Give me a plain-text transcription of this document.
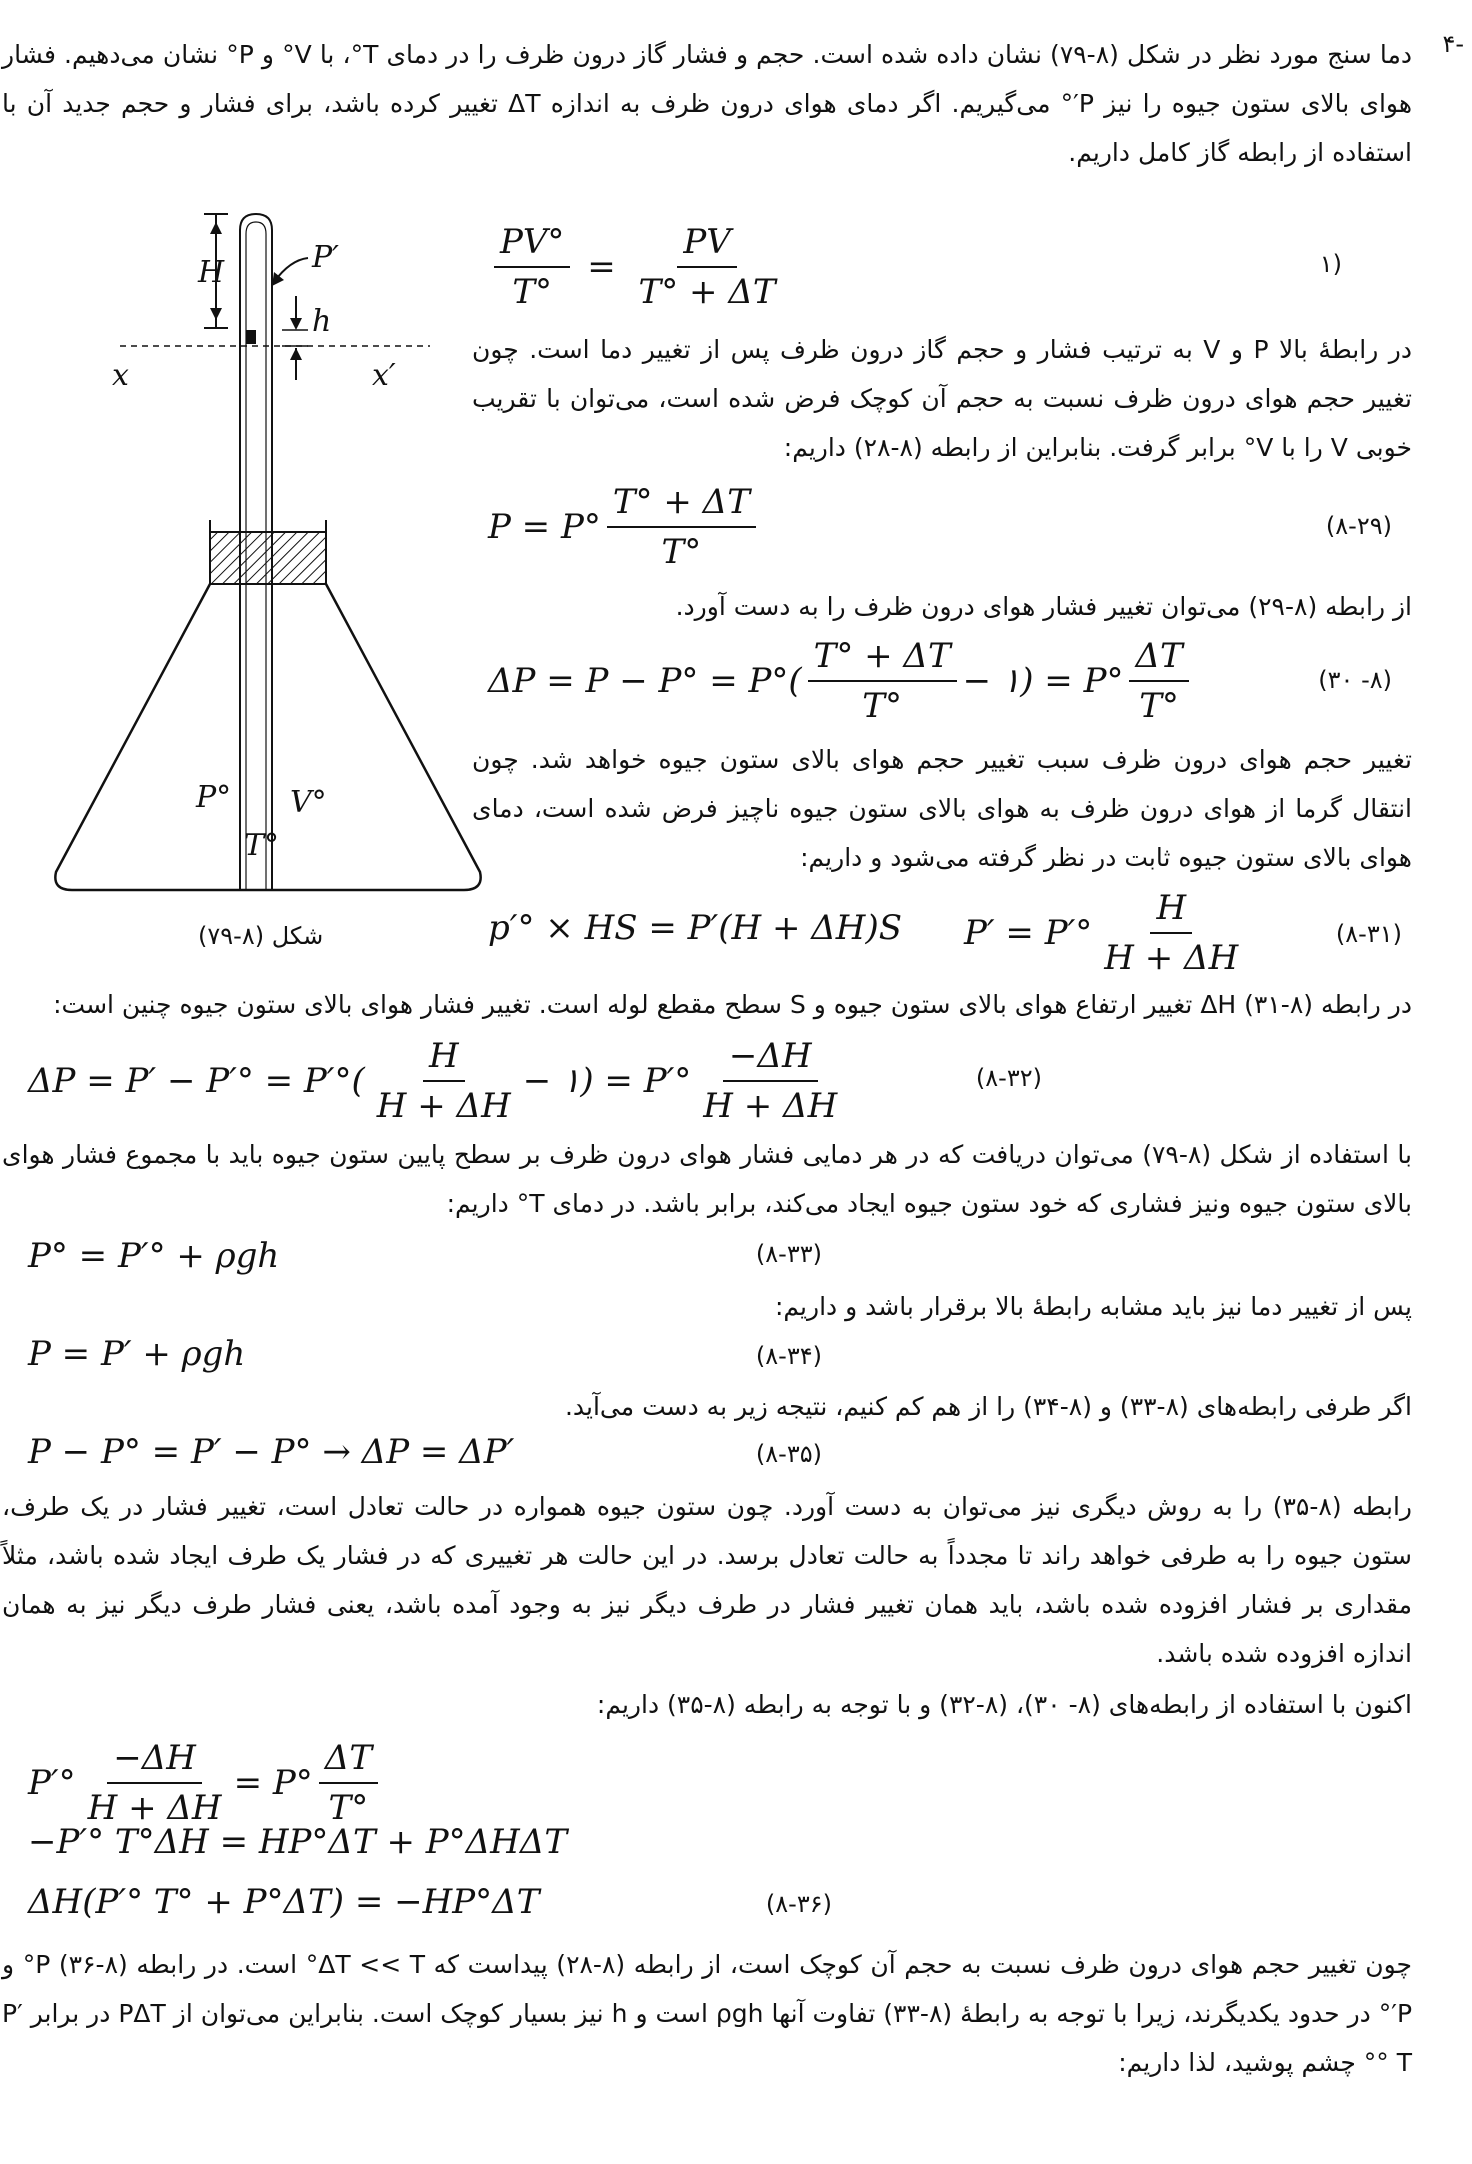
-۴
دما سنج مورد نظر در شکل (۸-۷۹) نشان داده شده است. حجم و فشار گاز درون ظرف را در دمای T°، با V° و P° نشان می‌دهیم. فشار هوای بالای ستون جیوه را نیز P′° می‌گیریم. اگر دمای هوای درون ظرف به اندازه ΔT تغییر کرده باشد، برای فشار و حجم جدید آن با استفاده از رابطه گاز کامل داریم.
H	P′
h
x	x′
P° V°
T°
شکل (۸-۷۹)
$\frac{PV^\circ}{T^\circ} = \frac{PV}{T^\circ + \Delta T}$	(۱
در رابطهٔ بالا P و V به ترتیب فشار و حجم گاز درون ظرف پس از تغییر دما است. چون تغییر حجم هوای درون ظرف نسبت به حجم آن کوچک فرض شده است، می‌توان با تقریب خوبی V را با V° برابر گرفت. بنابراین از رابطه (۸-۲۸) داریم:
$P = P^\circ \frac{T^\circ + \Delta T}{T^\circ}$	(۸-۲۹)
از رابطه (۸-۲۹) می‌توان تغییر فشار هوای درون ظرف را به دست آورد.
$\Delta P = P - P^\circ = P^\circ( \frac{T^\circ + \Delta T}{T^\circ}$ − ۱) = $P^\circ \frac{\Delta T}{T^\circ}$	(۸- ۳۰)
تغییر حجم هوای درون ظرف سبب تغییر حجم هوای بالای ستون جیوه خواهد شد. چون انتقال گرما از هوای درون ظرف به هوای بالای ستون جیوه ناچیز فرض شده است، دمای هوای بالای ستون جیوه ثابت در نظر گرفته می‌شود و داریم:
p′° × HS = P′(H + ΔH)S $P' = P'^\circ \frac{H}{H + \Delta H}$	(۸-۳۱)
در رابطه (۸-۳۱) ΔH تغییر ارتفاع هوای بالای ستون جیوه و S سطح مقطع لوله است. تغییر فشار هوای بالای ستون جیوه چنین است:
$\Delta P = P' - P'^\circ = P'^\circ( \frac{H}{H + \Delta H}$ − ۱) = $P'^\circ \frac{-\Delta H}{H + \Delta H}$	(۸-۳۲)
با استفاده از شکل (۸-۷۹) می‌توان دریافت که در هر دمایی فشار هوای درون ظرف بر سطح پایین ستون جیوه باید با مجموع فشار هوای بالای ستون جیوه ونیز فشاری که خود ستون جیوه ایجاد می‌کند، برابر باشد. در دمای T° داریم:
P° = P′° + ρgh	(۸-۳۳)
پس از تغییر دما نیز باید مشابه رابطهٔ بالا برقرار باشد و داریم:
P = P′ + ρgh	(۸-۳۴)
اگر طرفی رابطه‌های (۸-۳۳) و (۸-۳۴) را از هم کم کنیم، نتیجه زیر به دست می‌آید.
P − P° = P′ − P° → ΔP = ΔP′	(۸-۳۵)
رابطه (۸-۳۵) را به روش دیگری نیز می‌توان به دست آورد. چون ستون جیوه همواره در حالت تعادل است، تغییر فشار در یک طرف، ستون جیوه را به طرفی خواهد راند تا مجدداً به حالت تعادل برسد. در این حالت هر تغییری که در فشار یک طرف ایجاد شده باشد، مثلاً مقداری بر فشار افزوده شده باشد، باید همان تغییر فشار در طرف دیگر نیز به وجود آمده باشد، یعنی فشار طرف دیگر نیز به همان اندازه افزوده شده باشد.
اکنون با استفاده از رابطه‌های (۸- ۳۰)، (۸-۳۲) و با توجه به رابطه (۸-۳۵) داریم:
$P'^\circ \frac{-\Delta H}{H + \Delta H} = P^\circ \frac{\Delta T}{T^\circ}$
−P′° T°ΔH = HP°ΔT + P°ΔHΔT
ΔH(P′° T° + P°ΔT) = −HP°ΔT	(۸-۳۶)
چون تغییر حجم هوای درون ظرف نسبت به حجم آن کوچک است، از رابطه (۸-۲۸) پیداست که ΔT << T° است. در رابطه (۸-۳۶) P° و P′° در حدود یکدیگرند، زیرا با توجه به رابطهٔ (۸-۳۳) تفاوت آنها ρgh است و h نیز بسیار کوچک است. بنابراین می‌توان از PΔT در برابر P′° T° چشم پوشید، لذا داریم:
